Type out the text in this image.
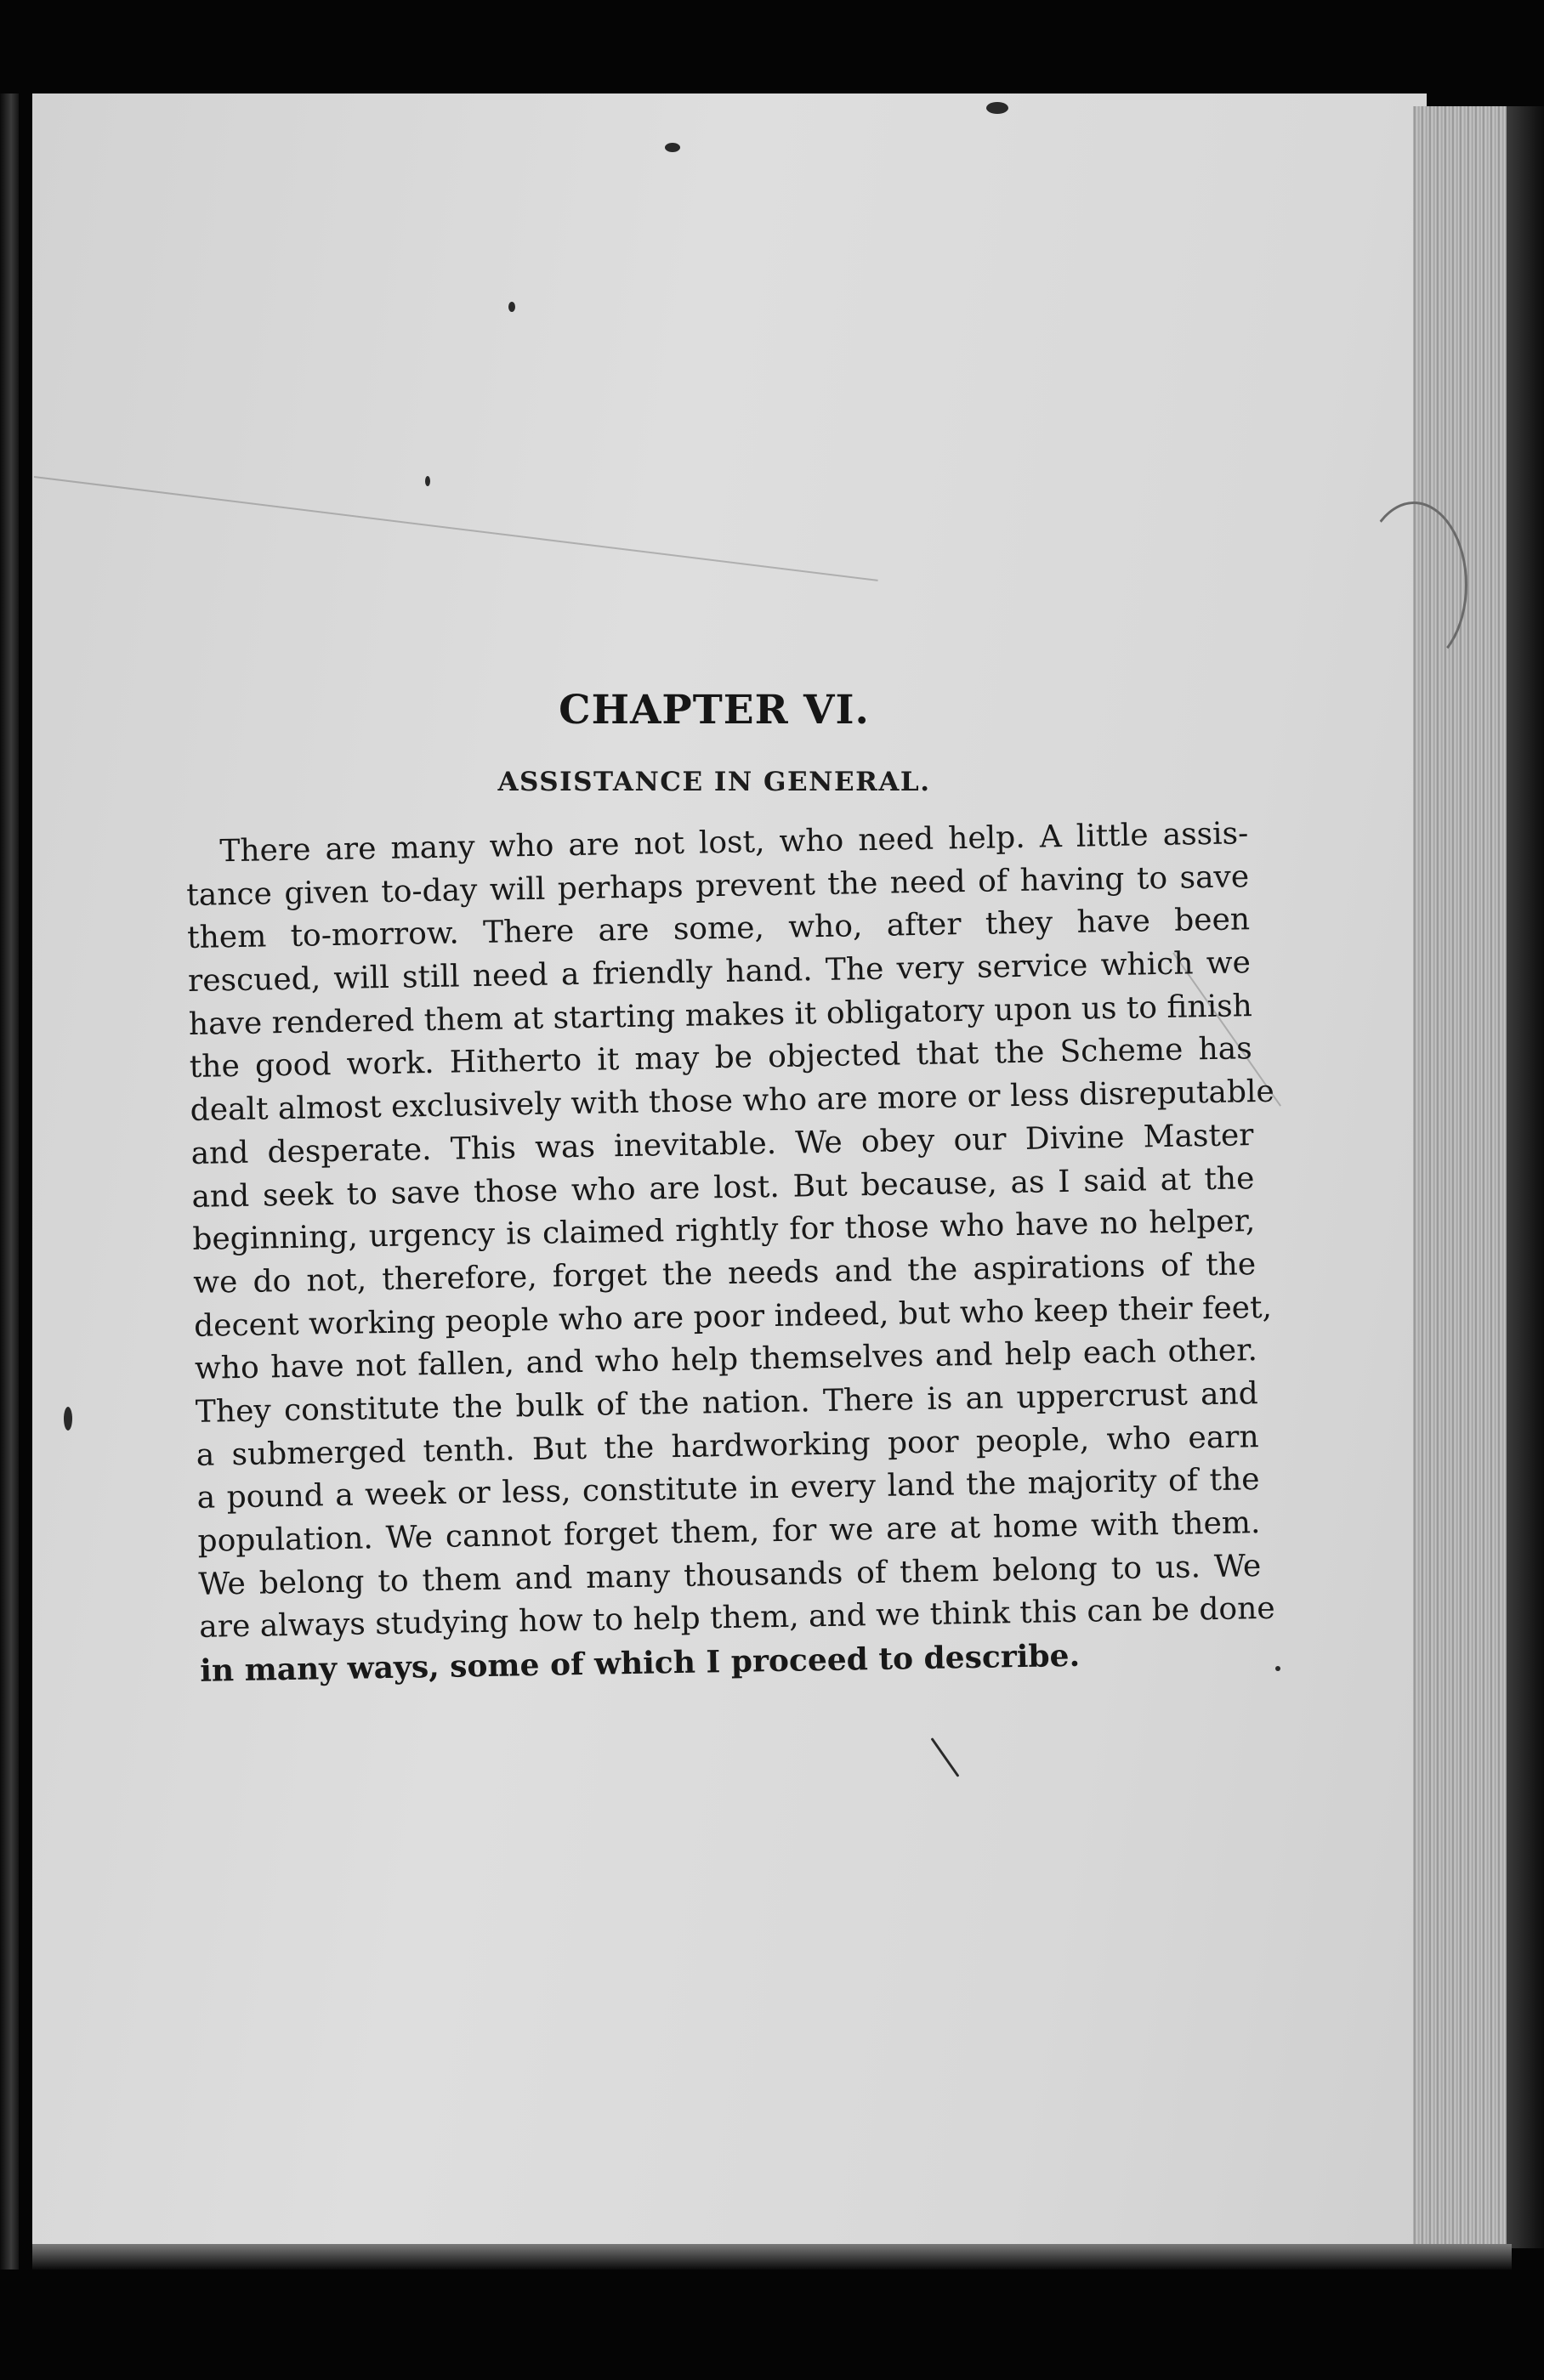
CHAPTER VI.
ASSISTANCE IN GENERAL.
There are many who are not lost, who need help. A little assis-
tance given to-day will perhaps prevent the need of having to save
them to-morrow. There are some, who, after they have been
rescued, will still need a friendly hand. The very service which we
have rendered them at starting makes it obligatory upon us to finish
the good work. Hitherto it may be objected that the Scheme has
dealt almost exclusively with those who are more or less disreputable
and desperate. This was inevitable. We obey our Divine Master
and seek to save those who are lost. But because, as I said at the
beginning, urgency is claimed rightly for those who have no helper,
we do not, therefore, forget the needs and the aspirations of the
decent working people who are poor indeed, but who keep their feet,
who have not fallen, and who help themselves and help each other.
They constitute the bulk of the nation. There is an uppercrust and
a submerged tenth. But the hardworking poor people, who earn
a pound a week or less, constitute in every land the majority of the
population. We cannot forget them, for we are at home with them.
We belong to them and many thousands of them belong to us. We
are always studying how to help them, and we think this can be done
in many ways, some of which I proceed to describe.
